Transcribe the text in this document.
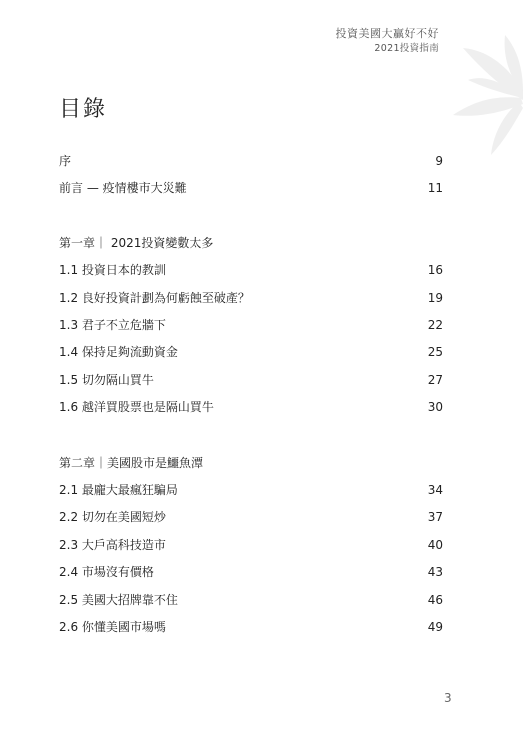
投資美國大贏好不好
2021投資指南
目錄
序	9
前言 — 疫情樓市大災難	11
第一章｜ 2021投資變數太多
1.1 投資日本的教訓	16
1.2 良好投資計劃為何虧蝕至破產？	19
1.3 君子不立危牆下	22
1.4 保持足夠流動資金	25
1.5 切勿隔山買牛	27
1.6 越洋買股票也是隔山買牛	30
第二章｜美國股市是鱷魚潭
2.1 最龐大最瘋狂騙局	34
2.2 切勿在美國短炒	37
2.3 大戶高科技造市	40
2.4 市場沒有價格	43
2.5 美國大招牌靠不住	46
2.6 你懂美國市場嗎	49
3
